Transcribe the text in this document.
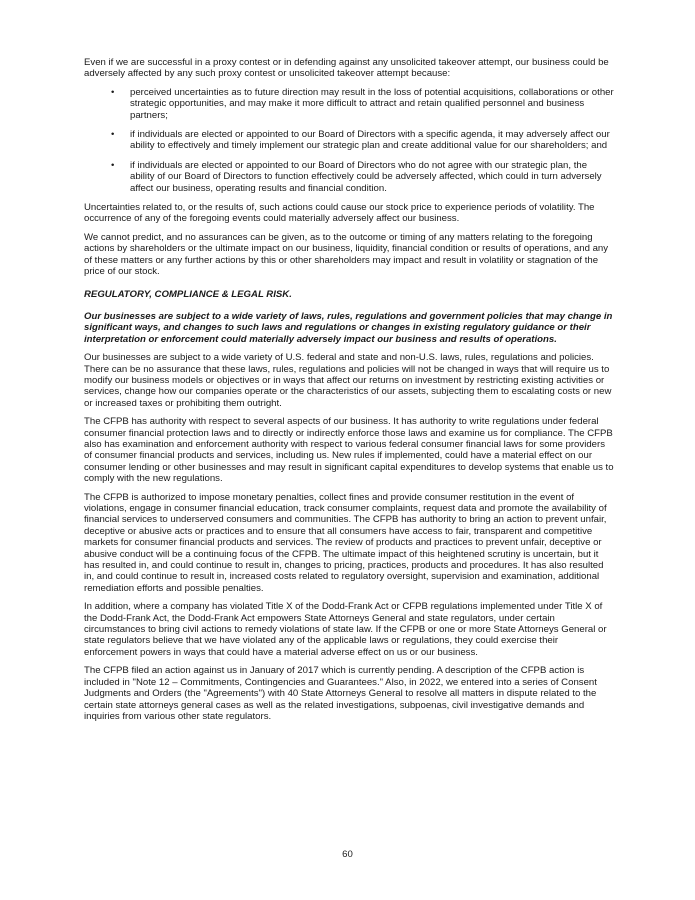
Even if we are successful in a proxy contest or in defending against any unsolicited takeover attempt, our business could be adversely affected by any such proxy contest or unsolicited takeover attempt because:

• perceived uncertainties as to future direction may result in the loss of potential acquisitions, collaborations or other strategic opportunities, and may make it more difficult to attract and retain qualified personnel and business partners;
• if individuals are elected or appointed to our Board of Directors with a specific agenda, it may adversely affect our ability to effectively and timely implement our strategic plan and create additional value for our shareholders; and
• if individuals are elected or appointed to our Board of Directors who do not agree with our strategic plan, the ability of our Board of Directors to function effectively could be adversely affected, which could in turn adversely affect our business, operating results and financial condition.

Uncertainties related to, or the results of, such actions could cause our stock price to experience periods of volatility. The occurrence of any of the foregoing events could materially adversely affect our business.

We cannot predict, and no assurances can be given, as to the outcome or timing of any matters relating to the foregoing actions by shareholders or the ultimate impact on our business, liquidity, financial condition or results of operations, and any of these matters or any further actions by this or other shareholders may impact and result in volatility or stagnation of the price of our stock.

REGULATORY, COMPLIANCE & LEGAL RISK.

Our businesses are subject to a wide variety of laws, rules, regulations and government policies that may change in significant ways, and changes to such laws and regulations or changes in existing regulatory guidance or their interpretation or enforcement could materially adversely impact our business and results of operations.

Our businesses are subject to a wide variety of U.S. federal and state and non-U.S. laws, rules, regulations and policies. There can be no assurance that these laws, rules, regulations and policies will not be changed in ways that will require us to modify our business models or objectives or in ways that affect our returns on investment by restricting existing activities or services, change how our companies operate or the characteristics of our assets, subjecting them to escalating costs or new or increased taxes or prohibiting them outright.

The CFPB has authority with respect to several aspects of our business. It has authority to write regulations under federal consumer financial protection laws and to directly or indirectly enforce those laws and examine us for compliance. The CFPB also has examination and enforcement authority with respect to various federal consumer financial laws for some providers of consumer financial products and services, including us. New rules if implemented, could have a material effect on our consumer lending or other businesses and may result in significant capital expenditures to develop systems that enable us to comply with the new regulations.

The CFPB is authorized to impose monetary penalties, collect fines and provide consumer restitution in the event of violations, engage in consumer financial education, track consumer complaints, request data and promote the availability of financial services to underserved consumers and communities. The CFPB has authority to bring an action to prevent unfair, deceptive or abusive acts or practices and to ensure that all consumers have access to fair, transparent and competitive markets for consumer financial products and services. The review of products and practices to prevent unfair, deceptive or abusive conduct will be a continuing focus of the CFPB. The ultimate impact of this heightened scrutiny is uncertain, but it has resulted in, and could continue to result in, changes to pricing, practices, products and procedures. It has also resulted in, and could continue to result in, increased costs related to regulatory oversight, supervision and examination, additional remediation efforts and possible penalties.

In addition, where a company has violated Title X of the Dodd-Frank Act or CFPB regulations implemented under Title X of the Dodd-Frank Act, the Dodd-Frank Act empowers State Attorneys General and state regulators, under certain circumstances to bring civil actions to remedy violations of state law. If the CFPB or one or more State Attorneys General or state regulators believe that we have violated any of the applicable laws or regulations, they could exercise their enforcement powers in ways that could have a material adverse effect on us or our business.

The CFPB filed an action against us in January of 2017 which is currently pending. A description of the CFPB action is included in "Note 12 – Commitments, Contingencies and Guarantees." Also, in 2022, we entered into a series of Consent Judgments and Orders (the "Agreements") with 40 State Attorneys General to resolve all matters in dispute related to the certain state attorneys general cases as well as the related investigations, subpoenas, civil investigative demands and inquiries from various other state regulators.

60
